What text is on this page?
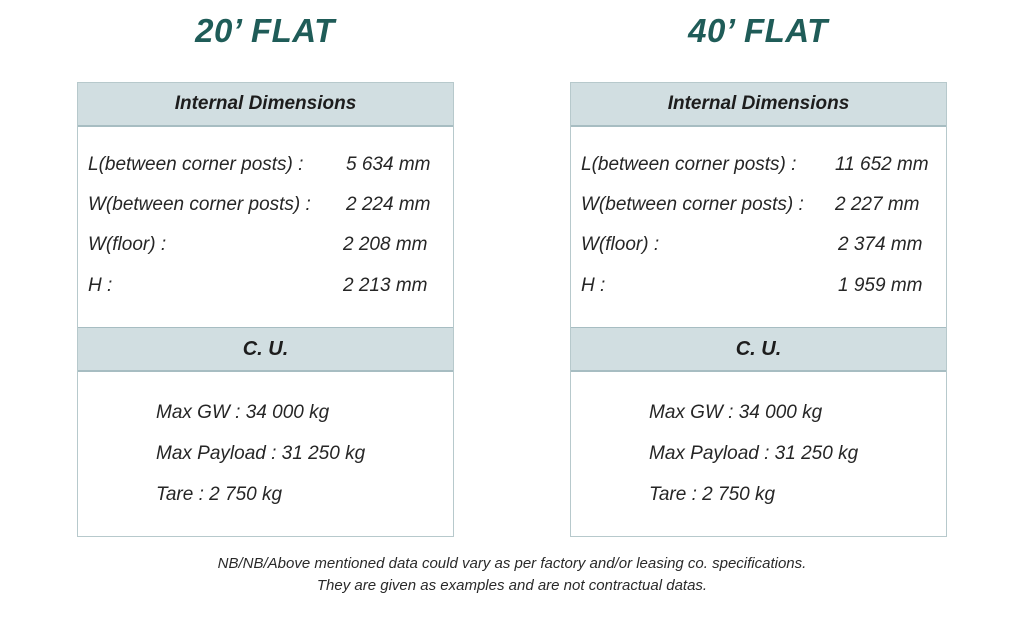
20’ FLAT
Internal Dimensions
L(between corner posts) : 5 634 mm
W(between corner posts) : 2 224 mm
W(floor) :	2 208 mm
H :	2 213 mm
C. U.
Max GW : 34 000 kg
Max Payload : 31 250 kg
Tare : 2 750 kg
40’ FLAT
Internal Dimensions
L(between corner posts) : 11 652 mm
W(between corner posts) : 2 227 mm
W(floor) :	2 374 mm
H :	1 959 mm
C. U.
Max GW : 34 000 kg
Max Payload : 31 250 kg
Tare : 2 750 kg
NB/NB/Above mentioned data could vary as per factory and/or leasing co. specifications.
They are given as examples and are not contractual datas.
